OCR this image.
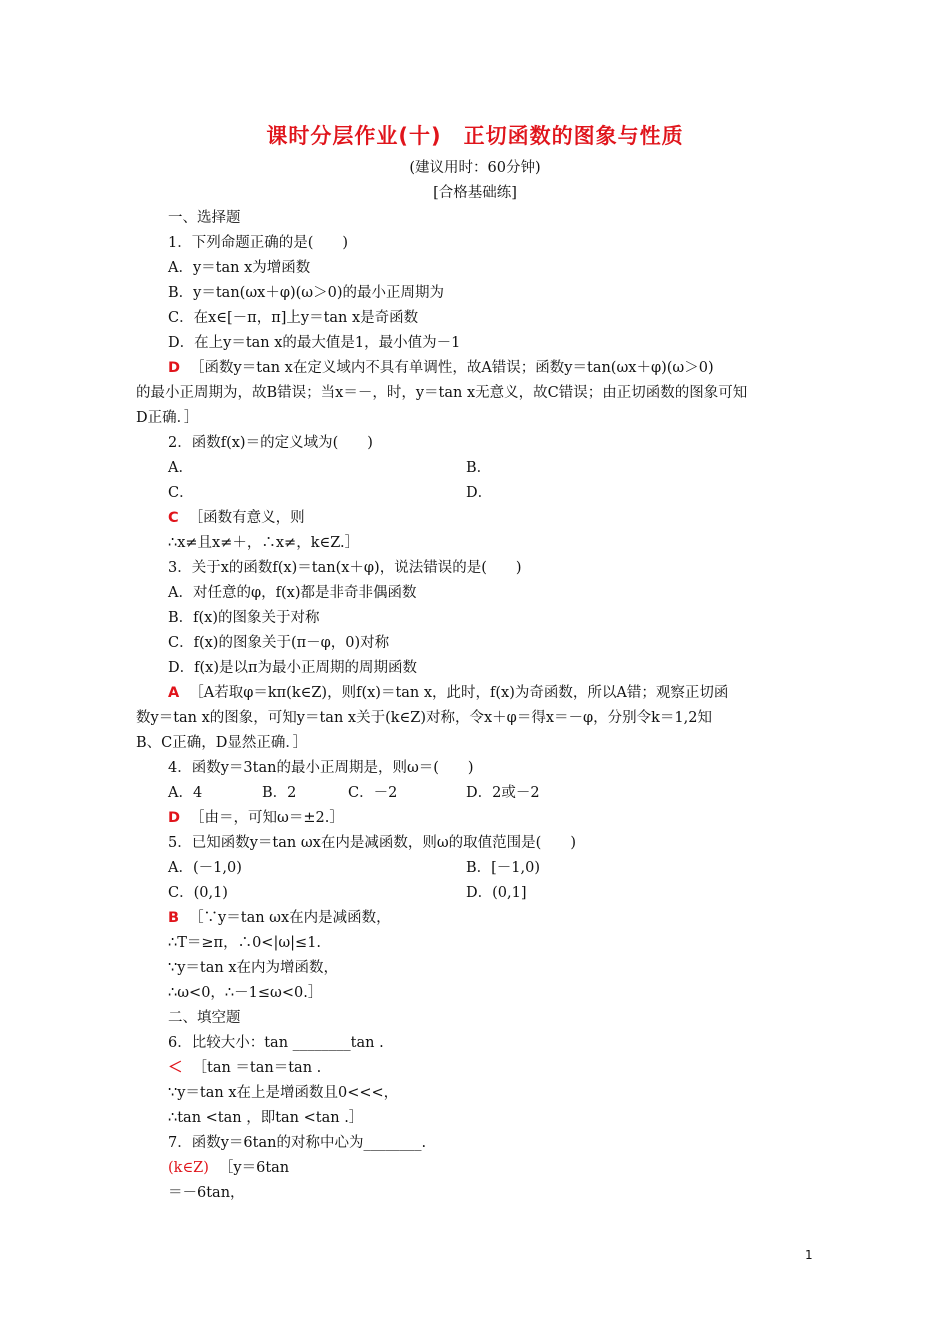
课时分层作业(十)　正切函数的图象与性质
(建议用时：60分钟)
[合格基础练]
一、选择题
1．下列命题正确的是(　　)
A．y＝tan x为增函数
B．y＝tan(ωx＋φ)(ω＞0)的最小正周期为
C．在x∈[－π，π]上y＝tan x是奇函数
D．在上y＝tan x的最大值是1，最小值为－1
D ［函数y＝tan x在定义域内不具有单调性，故A错误；函数y＝tan(ωx＋φ)(ω＞0)
的最小正周期为，故B错误；当x＝－，时，y＝tan x无意义，故C错误；由正切函数的图象可知
D正确．］
2．函数f(x)＝的定义域为(　　)
A．	B．
C．	D．
C ［函数有意义，则
∴x≠且x≠＋，∴x≠，k∈Z.］
3．关于x的函数f(x)＝tan(x＋φ)，说法错误的是(　　)
A．对任意的φ，f(x)都是非奇非偶函数
B．f(x)的图象关于对称
C．f(x)的图象关于(π－φ，0)对称
D．f(x)是以π为最小正周期的周期函数
A ［A若取φ＝kπ(k∈Z)，则f(x)＝tan x，此时，f(x)为奇函数，所以A错；观察正切函
数y＝tan x的图象，可知y＝tan x关于(k∈Z)对称，令x＋φ＝得x＝－φ，分别令k＝1,2知
B、C正确，D显然正确．］
4．函数y＝3tan的最小正周期是，则ω＝(　　)
A．4	B．2	C．－2	D．2或－2
D ［由＝，可知ω＝±2.］
5．已知函数y＝tan ωx在内是减函数，则ω的取值范围是(　　)
A．(－1,0)	B．[－1,0)
C．(0,1)	D．(0,1]
B ［∵y＝tan ωx在内是减函数，
∴T＝≥π，∴0<|ω|≤1.
∵y＝tan x在内为增函数，
∴ω<0，∴－1≤ω<0.］
二、填空题
6．比较大小：tan ________tan .
＜ ［tan ＝tan＝tan .
∵y＝tan x在上是增函数且0<<<，
∴tan <tan ，即tan <tan .］
7．函数y＝6tan的对称中心为________.
(k∈Z) ［y＝6tan
＝－6tan，
1
